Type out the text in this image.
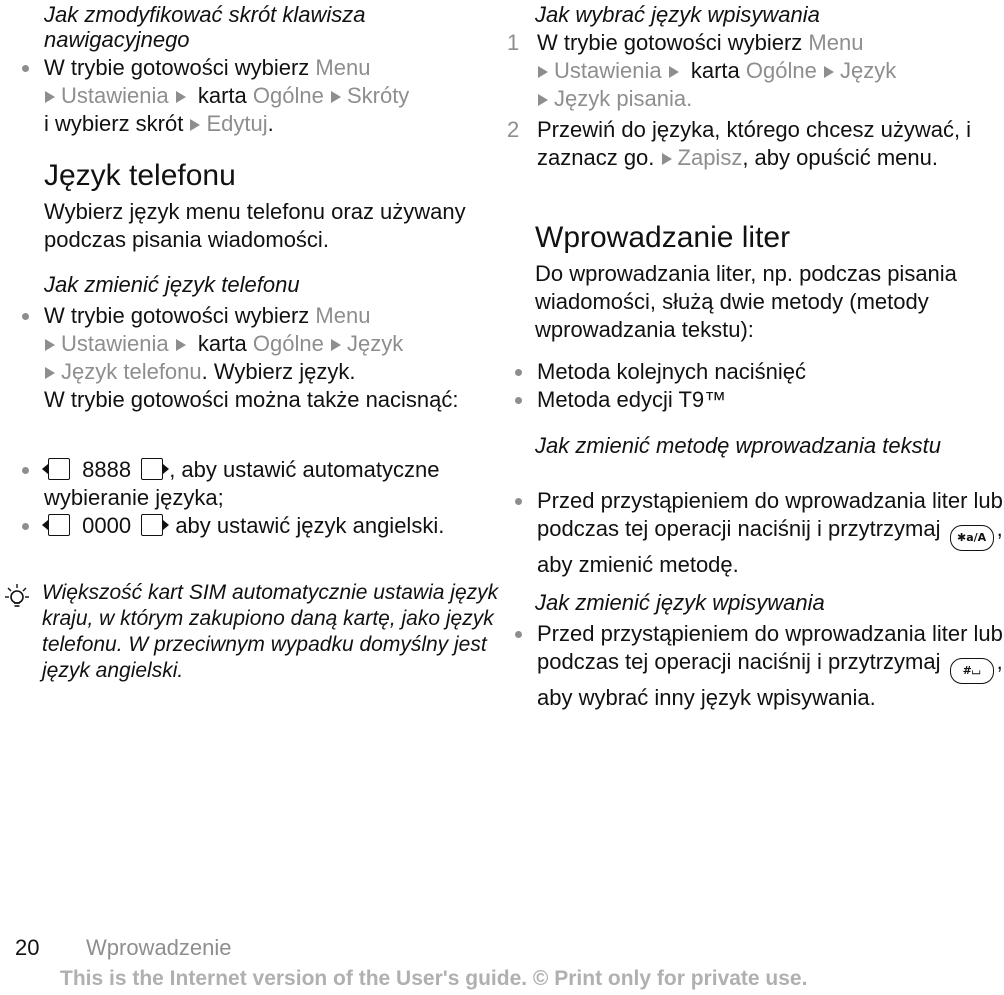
Jak zmodyfikować skrót klawisza nawigacyjnego
W trybie gotowości wybierz Menu
Ustawienia  karta Ogólne Skróty
i wybierz skrót Edytuj.
Język telefonu
Wybierz język menu telefonu oraz używany podczas pisania wiadomości.
Jak zmienić język telefonu
W trybie gotowości wybierz Menu
Ustawienia  karta Ogólne Język
Język telefonu. Wybierz język.
W trybie gotowości można także nacisnąć:
8888 , aby ustawić automatyczne wybieranie języka;
0000  aby ustawić język angielski.
Większość kart SIM automatycznie ustawia język kraju, w którym zakupiono daną kartę, jako język telefonu. W przeciwnym wypadku domyślny jest język angielski.
Jak wybrać język wpisywania
1 W trybie gotowości wybierz Menu
Ustawienia  karta Ogólne Język
Język pisania.
2 Przewiń do języka, którego chcesz używać, i zaznacz go. Zapisz, aby opuścić menu.
Wprowadzanie liter
Do wprowadzania liter, np. podczas pisania wiadomości, służą dwie metody (metody wprowadzania tekstu):
Metoda kolejnych naciśnięć
Metoda edycji T9™
Jak zmienić metodę wprowadzania tekstu
Przed przystąpieniem do wprowadzania liter lub podczas tej operacji naciśnij i przytrzymaj ✱a/A , aby zmienić metodę.
Jak zmienić język wpisywania
Przed przystąpieniem do wprowadzania liter lub podczas tej operacji naciśnij i przytrzymaj #⌴ , aby wybrać inny język wpisywania.
20 Wprowadzenie
This is the Internet version of the User's guide. © Print only for private use.
